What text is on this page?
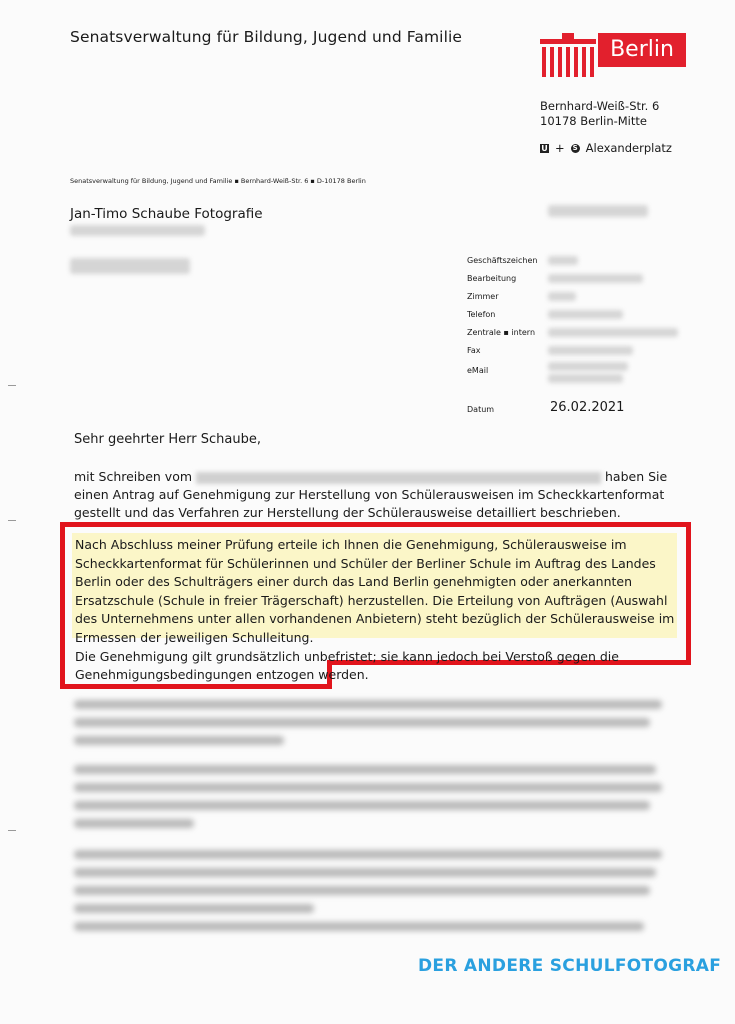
Senatsverwaltung für Bildung, Jugend und Familie	Berlin
Bernhard-Weiß-Str. 6
10178 Berlin-Mitte
U + S Alexanderplatz
Senatsverwaltung für Bildung, Jugend und Familie ▪ Bernhard-Weiß-Str. 6 ▪ D-10178 Berlin
Jan-Timo Schaube Fotografie
Geschäftszeichen
Bearbeitung
Zimmer
Telefon
Zentrale ▪ intern
Fax
eMail
Datum	26.02.2021
Sehr geehrter Herr Schaube,
mit Schreiben vom	haben Sie einen Antrag auf Genehmigung zur Herstellung von Schülerausweisen im Scheckkartenformat gestellt und das Verfahren zur Herstellung der Schülerausweise detailliert beschrieben.

Nach Abschluss meiner Prüfung erteile ich Ihnen die Genehmigung, Schülerausweise im Scheckkartenformat für Schülerinnen und Schüler der Berliner Schule im Auftrag des Landes Berlin oder des Schulträgers einer durch das Land Berlin genehmigten oder anerkannten Ersatzschule (Schule in freier Trägerschaft) herzustellen. Die Erteilung von Aufträgen (Auswahl des Unternehmens unter allen vorhandenen Anbietern) steht bezüglich der Schülerausweise im Ermessen der jeweiligen Schulleitung.

Die Genehmigung gilt grundsätzlich unbefristet; sie kann jedoch bei Verstoß gegen die Genehmigungsbedingungen entzogen werden.

DER ANDERE SCHULFOTOGRAF
